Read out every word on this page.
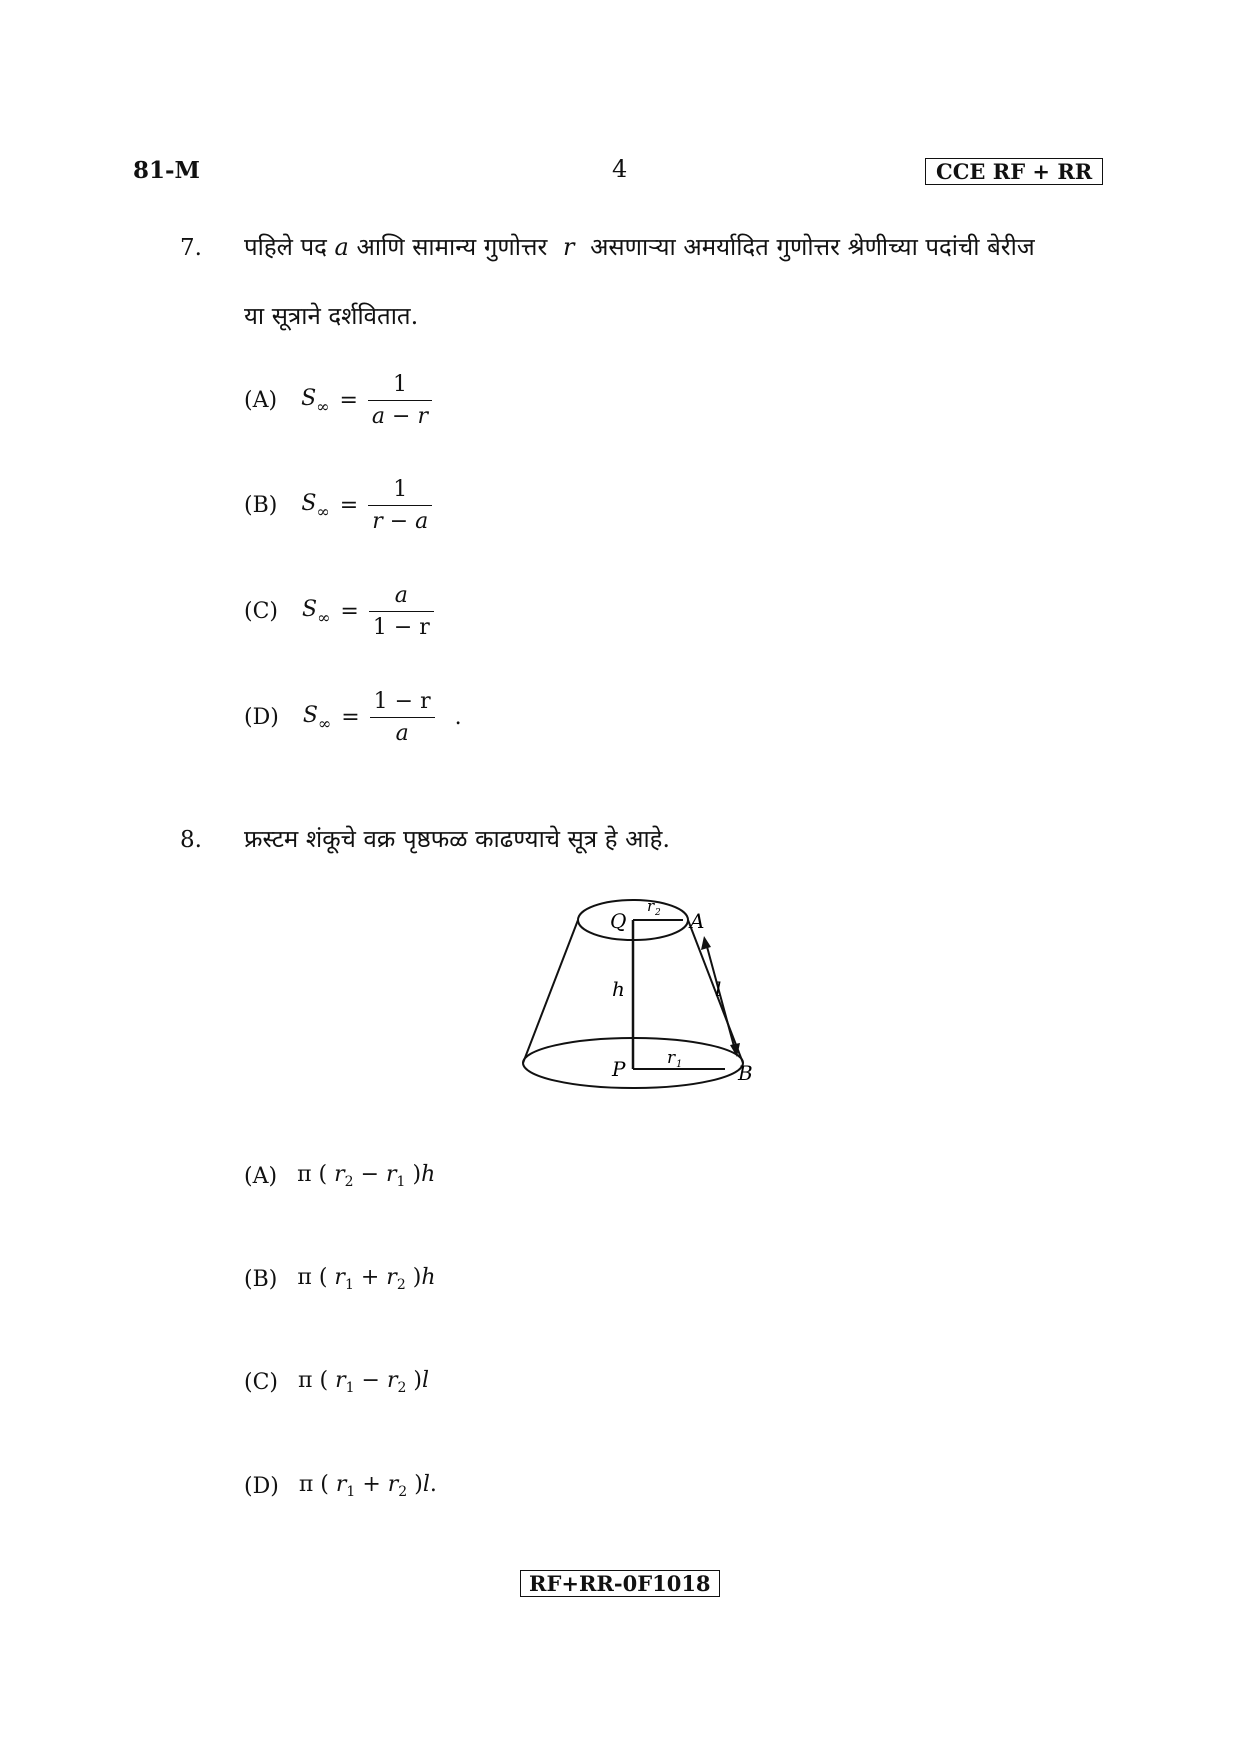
81-M	4	CCE RF + RR
7. पहिले पद a आणि सामान्य गुणोत्तर r असणाऱ्या अमर्यादित गुणोत्तर श्रेणीच्या पदांची बेरीज
या सूत्राने दर्शवितात.
(A) $S_\infty = \frac{1}{a - r}$
(B) $S_\infty = \frac{1}{r - a}$
(C) $S_\infty = \frac{a}{1 - r}$
(D) $S_\infty = \frac{1 - r}{a}$ .
8. फ्रस्टम शंकूचे वक्र पृष्ठफळ काढण्याचे सूत्र हे आहे.
Q	A
P	B
h	l
r 2
r 1
(A) π ( $r_2 - r_1$ )h
(B) π ( $r_1 + r_2$ )h
(C) π ( $r_1 - r_2$ )l
(D) π ( $r_1 + r_2$ )l.
RF+RR-0F1018
